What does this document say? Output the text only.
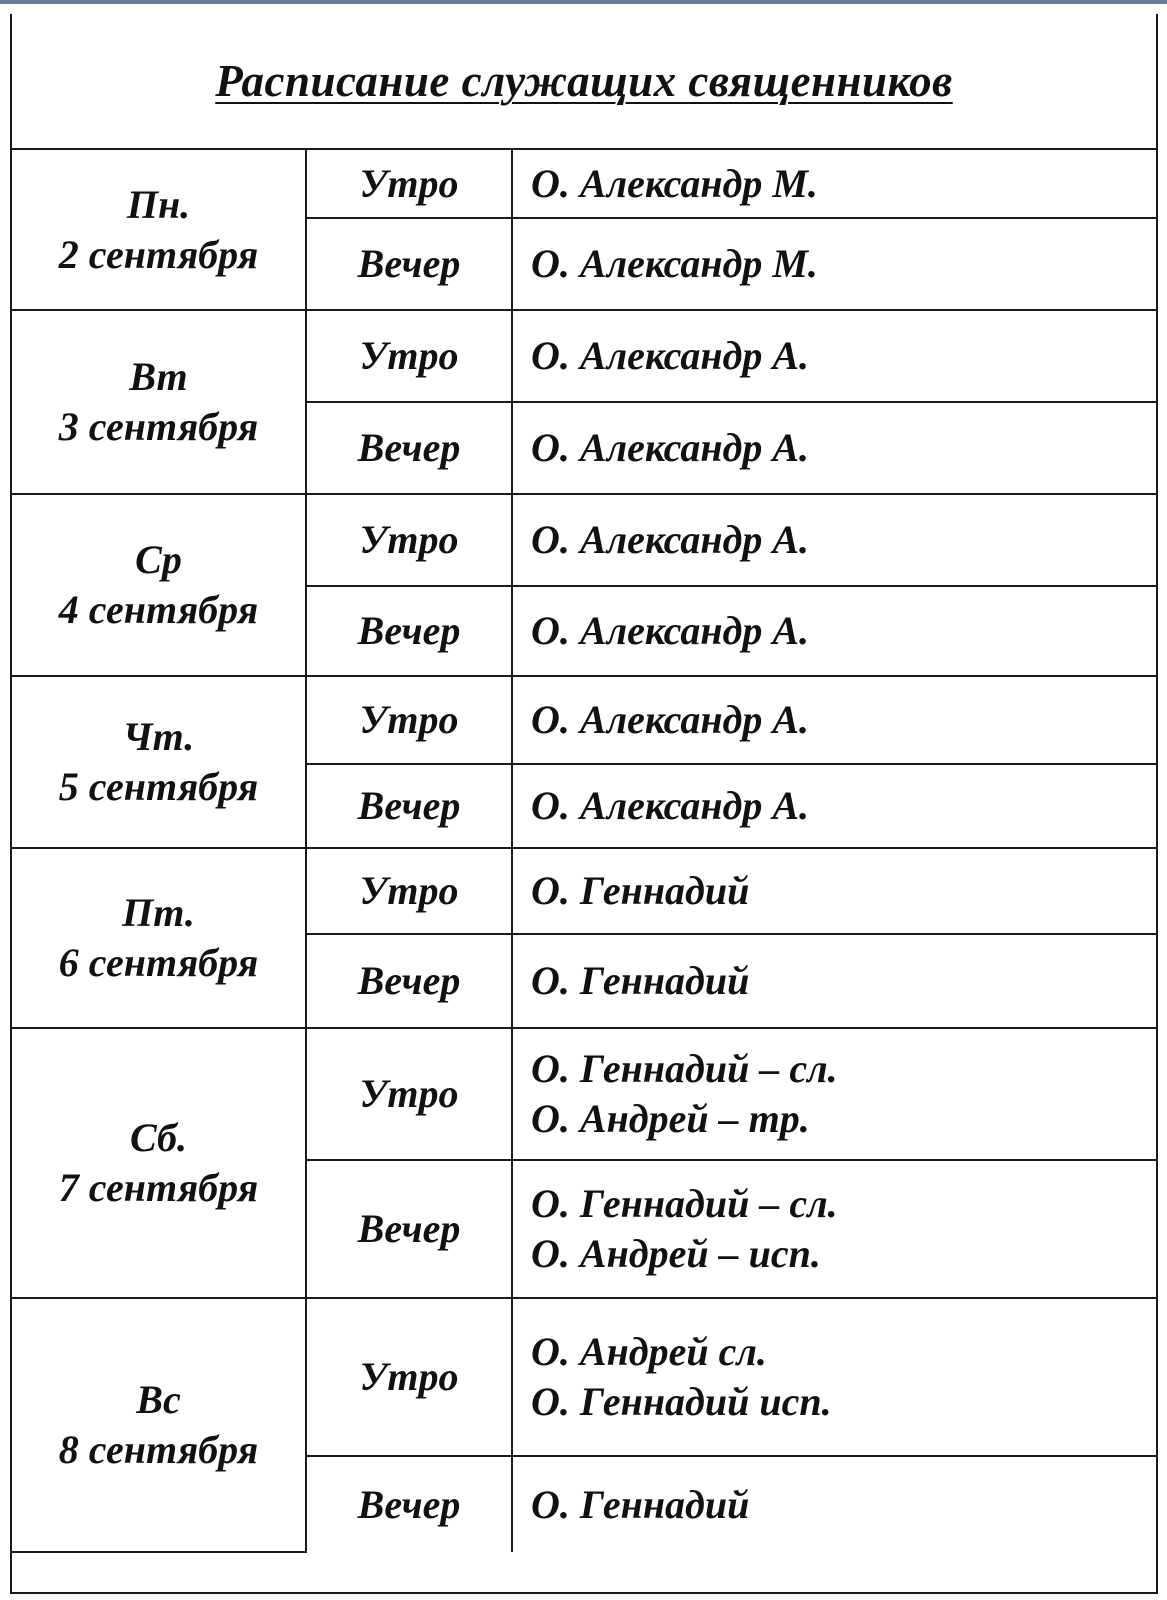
Расписание служащих священников
Пн.
2 сентября	Утро	О. Александр М.

	Вечер	О. Александр М.

Вт
3 сентября	Утро	О. Александр А.

	Вечер	О. Александр А.

Ср
4 сентября	Утро	О. Александр А.

	Вечер	О. Александр А.

Чт.
5 сентября	Утро	О. Александр А.

	Вечер	О. Александр А.

Пт.
6 сентября	Утро	О. Геннадий

	Вечер	О. Геннадий

Сб.
7 сентября	Утро	О. Геннадий – сл.
О. Андрей – тр.

	Вечер	О. Геннадий – сл.
О. Андрей – исп.

Вс
8 сентября	Утро	О. Андрей сл.
О. Геннадий исп.

	Вечер	О. Геннадий
